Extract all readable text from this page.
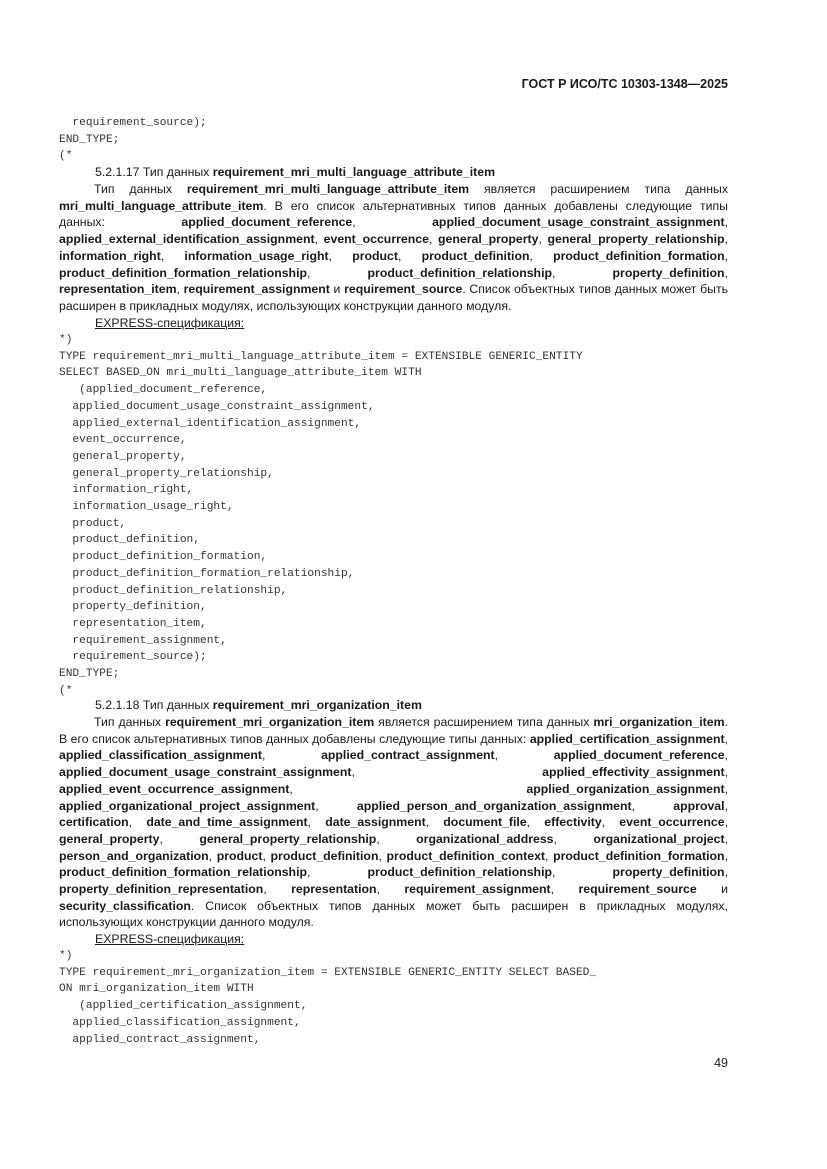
ГОСТ Р ИСО/ТС 10303-1348—2025
requirement_source);
END_TYPE;
(*

5.2.1.17 Тип данных requirement_mri_multi_language_attribute_item

Тип данных requirement_mri_multi_language_attribute_item является расширением типа данных mri_multi_language_attribute_item. В его список альтернативных типов данных добавлены следующие типы данных: applied_document_reference, applied_document_usage_constraint_assignment, applied_external_identification_assignment, event_occurrence, general_property, general_property_relationship, information_right, information_usage_right, product, product_definition, product_definition_formation, product_definition_formation_relationship, product_definition_relationship, property_definition, representation_item, requirement_assignment и requirement_source. Список объектных типов данных может быть расширен в прикладных модулях, использующих конструкции данного модуля.

EXPRESS-спецификация:

*)
TYPE requirement_mri_multi_language_attribute_item = EXTENSIBLE GENERIC_ENTITY
SELECT BASED_ON mri_multi_language_attribute_item WITH
(applied_document_reference,
applied_document_usage_constraint_assignment,
applied_external_identification_assignment,
event_occurrence,
general_property,
general_property_relationship,
information_right,
information_usage_right,
product,
product_definition,
product_definition_formation,
product_definition_formation_relationship,
product_definition_relationship,
property_definition,
representation_item,
requirement_assignment,
requirement_source);
END_TYPE;
(*

5.2.1.18 Тип данных requirement_mri_organization_item

Тип данных requirement_mri_organization_item является расширением типа данных mri_organization_item. В его список альтернативных типов данных добавлены следующие типы данных: applied_certification_assignment, applied_classification_assignment, applied_contract_assignment, applied_document_reference, applied_document_usage_constraint_assignment, applied_effectivity_assignment, applied_event_occurrence_assignment, applied_organization_assignment, applied_organizational_project_assignment, applied_person_and_organization_assignment, approval, certification, date_and_time_assignment, date_assignment, document_file, effectivity, event_occurrence, general_property, general_property_relationship, organizational_address, organizational_project, person_and_organization, product, product_definition, product_definition_context, product_definition_formation, product_definition_formation_relationship, product_definition_relationship, property_definition, property_definition_representation, representation, requirement_assignment, requirement_source и security_classification. Список объектных типов данных может быть расширен в прикладных модулях, использующих конструкции данного модуля.

EXPRESS-спецификация:

*)
TYPE requirement_mri_organization_item = EXTENSIBLE GENERIC_ENTITY SELECT BASED_
ON mri_organization_item WITH
(applied_certification_assignment,
applied_classification_assignment,
applied_contract_assignment,
49
